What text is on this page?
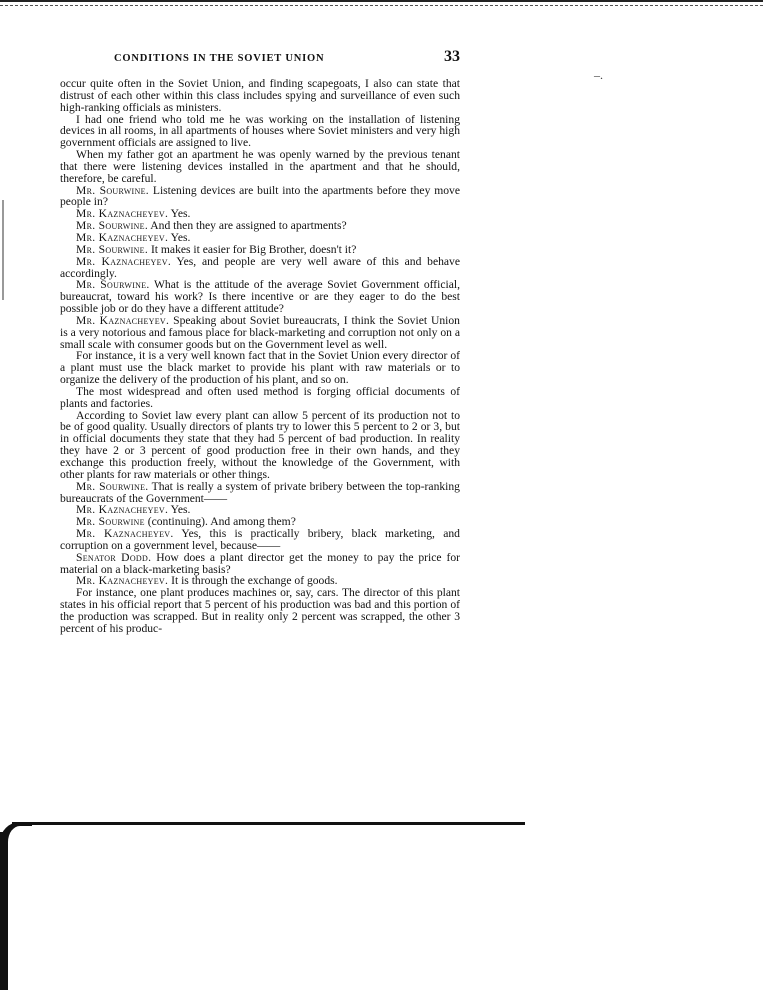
CONDITIONS IN THE SOVIET UNION	33
–.

occur quite often in the Soviet Union, and finding scapegoats, I also can state that distrust of each other within this class includes spying and surveillance of even such high-ranking officials as ministers.

I had one friend who told me he was working on the installation of listening devices in all rooms, in all apartments of houses where Soviet ministers and very high government officials are assigned to live.

When my father got an apartment he was openly warned by the previous tenant that there were listening devices installed in the apartment and that he should, therefore, be careful.

Mr. Sourwine. Listening devices are built into the apartments before they move people in?

Mr. Kaznacheyev. Yes.

Mr. Sourwine. And then they are assigned to apartments?

Mr. Kaznacheyev. Yes.

Mr. Sourwine. It makes it easier for Big Brother, doesn't it?

Mr. Kaznacheyev. Yes, and people are very well aware of this and behave accordingly.

Mr. Sourwine. What is the attitude of the average Soviet Government official, bureaucrat, toward his work? Is there incentive or are they eager to do the best possible job or do they have a different attitude?

Mr. Kaznacheyev. Speaking about Soviet bureaucrats, I think the Soviet Union is a very notorious and famous place for black-marketing and corruption not only on a small scale with consumer goods but on the Government level as well.

For instance, it is a very well known fact that in the Soviet Union every director of a plant must use the black market to provide his plant with raw materials or to organize the delivery of the production of his plant, and so on.

The most widespread and often used method is forging official documents of plants and factories.

According to Soviet law every plant can allow 5 percent of its production not to be of good quality. Usually directors of plants try to lower this 5 percent to 2 or 3, but in official documents they state that they had 5 percent of bad production. In reality they have 2 or 3 percent of good production free in their own hands, and they exchange this production freely, without the knowledge of the Government, with other plants for raw materials or other things.

Mr. Sourwine. That is really a system of private bribery between the top-ranking bureaucrats of the Government——

Mr. Kaznacheyev. Yes.

Mr. Sourwine (continuing). And among them?

Mr. Kaznacheyev. Yes, this is practically bribery, black marketing, and corruption on a government level, because——

Senator Dodd. How does a plant director get the money to pay the price for material on a black-marketing basis?

Mr. Kaznacheyev. It is through the exchange of goods.

For instance, one plant produces machines or, say, cars. The director of this plant states in his official report that 5 percent of his production was bad and this portion of the production was scrapped. But in reality only 2 percent was scrapped, the other 3 percent of his produc-
